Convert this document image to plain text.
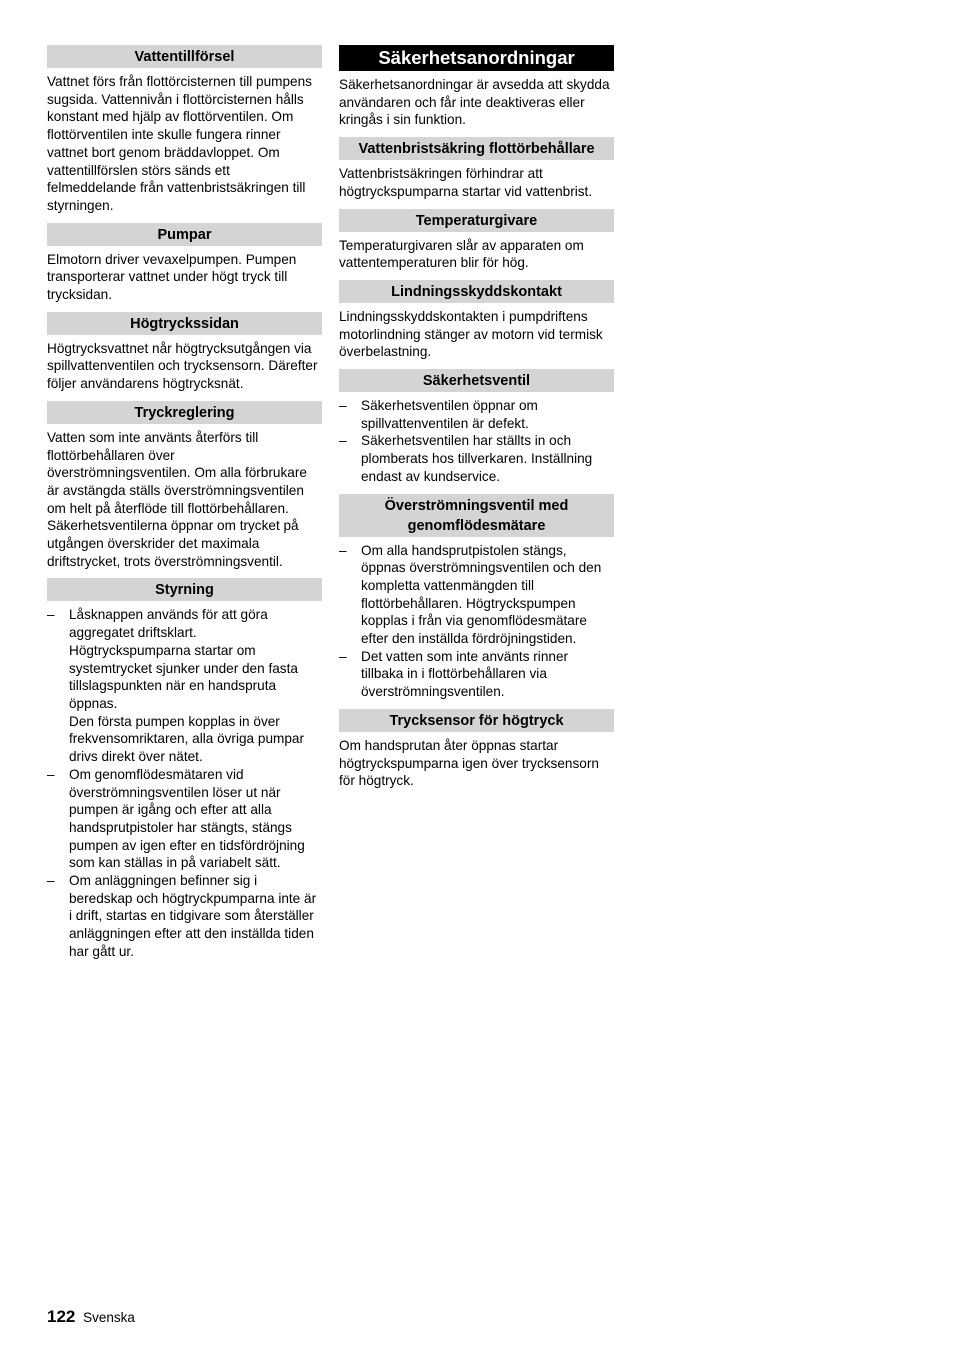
Vattentillförsel

Vattnet förs från flottörcisternen till pumpens sugsida. Vattennivån i flottörcisternen hålls konstant med hjälp av flottörventilen. Om flottörventilen inte skulle fungera rinner vattnet bort genom bräddavloppet. Om vattentillförslen störs sänds ett felmeddelande från vattenbristsäkringen till styrningen.

Pumpar

Elmotorn driver vevaxelpumpen. Pumpen transporterar vattnet under högt tryck till trycksidan.

Högtryckssidan

Högtrycksvattnet når högtrycksutgången via spillvattenventilen och trycksensorn. Därefter följer användarens högtrycksnät.

Tryckreglering

Vatten som inte använts återförs till flottörbehållaren över överströmningsventilen. Om alla förbrukare är avstängda ställs överströmningsventilen om helt på återflöde till flottörbehållaren. Säkerhetsventilerna öppnar om trycket på utgången överskrider det maximala driftstrycket, trots överströmningsventil.

Styrning
– Låsknappen används för att göra aggregatet driftsklart. Högtryckspumparna startar om systemtrycket sjunker under den fasta tillslagspunkten när en handspruta öppnas.
Den första pumpen kopplas in över frekvensomriktaren, alla övriga pumpar drivs direkt över nätet.
– Om genomflödesmätaren vid överströmningsventilen löser ut när pumpen är igång och efter att alla handsprutpistoler har stängts, stängs pumpen av igen efter en tidsfördröjning som kan ställas in på variabelt sätt.
– Om anläggningen befinner sig i beredskap och högtryckpumparna inte är i drift, startas en tidgivare som återställer anläggningen efter att den inställda tiden har gått ur.
Säkerhetsanordningar

Säkerhetsanordningar är avsedda att skydda användaren och får inte deaktiveras eller kringås i sin funktion.

Vattenbristsäkring flottörbehållare

Vattenbristsäkringen förhindrar att högtryckspumparna startar vid vattenbrist.

Temperaturgivare

Temperaturgivaren slår av apparaten om vattentemperaturen blir för hög.

Lindningsskyddskontakt

Lindningsskyddskontakten i pumpdriftens motorlindning stänger av motorn vid termisk överbelastning.

Säkerhetsventil
– Säkerhetsventilen öppnar om spillvattenventilen är defekt.
– Säkerhetsventilen har ställts in och plomberats hos tillverkaren. Inställning endast av kundservice.
Överströmningsventil med genomflödesmätare
– Om alla handsprutpistolen stängs, öppnas överströmningsventilen och den kompletta vattenmängden till flottörbehållaren. Högtryckspumpen kopplas i från via genomflödesmätare efter den inställda fördröjningstiden.
– Det vatten som inte använts rinner tillbaka in i flottörbehållaren via överströmningsventilen.
Trycksensor för högtryck

Om handsprutan åter öppnas startar högtryckspumparna igen över trycksensorn för högtryck.

122 Svenska
